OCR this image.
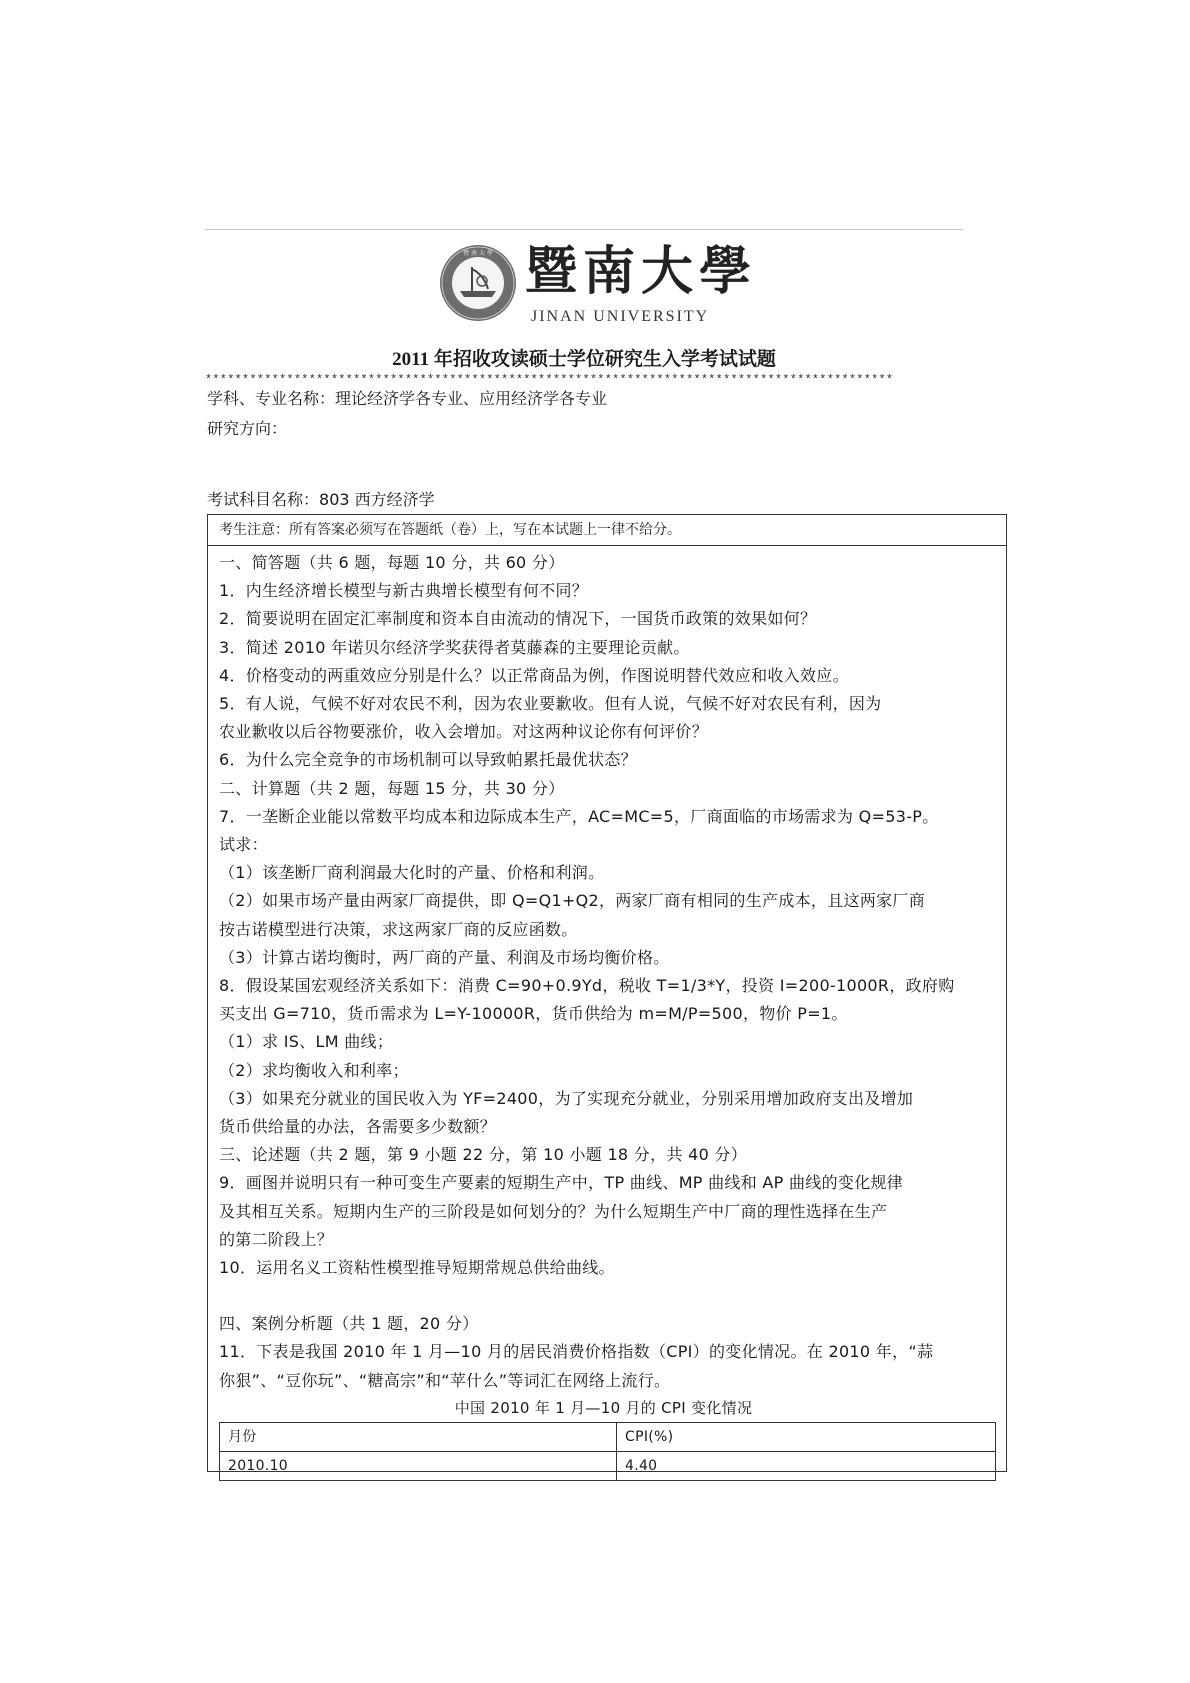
暨 南 大 學 暨南大學
JINAN UNIVERSITY
2011 年招收攻读硕士学位研究生入学考试试题
*********************************************************************************************
学科、专业名称：理论经济学各专业、应用经济学各专业
研究方向：
考试科目名称：803 西方经济学
考生注意：所有答案必须写在答题纸（卷）上，写在本试题上一律不给分。
一、简答题（共 6 题，每题 10 分，共 60 分）
1．内生经济增长模型与新古典增长模型有何不同？
2．简要说明在固定汇率制度和资本自由流动的情况下，一国货币政策的效果如何？
3．简述 2010 年诺贝尔经济学奖获得者莫藤森的主要理论贡献。
4．价格变动的两重效应分别是什么？以正常商品为例，作图说明替代效应和收入效应。
5．有人说，气候不好对农民不利，因为农业要歉收。但有人说，气候不好对农民有利，因为
农业歉收以后谷物要涨价，收入会增加。对这两种议论你有何评价？
6．为什么完全竞争的市场机制可以导致帕累托最优状态？
二、计算题（共 2 题，每题 15 分，共 30 分）
7．一垄断企业能以常数平均成本和边际成本生产，AC=MC=5，厂商面临的市场需求为 Q=53-P。
试求：
（1）该垄断厂商利润最大化时的产量、价格和利润。
（2）如果市场产量由两家厂商提供，即 Q=Q1+Q2，两家厂商有相同的生产成本，且这两家厂商
按古诺模型进行决策，求这两家厂商的反应函数。
（3）计算古诺均衡时，两厂商的产量、利润及市场均衡价格。
8．假设某国宏观经济关系如下：消费 C=90+0.9Yd，税收 T=1/3*Y，投资 I=200-1000R，政府购
买支出 G=710，货币需求为 L=Y-10000R，货币供给为 m=M/P=500，物价 P=1。
（1）求 IS、LM 曲线；
（2）求均衡收入和利率；
（3）如果充分就业的国民收入为 YF=2400，为了实现充分就业，分别采用增加政府支出及增加
货币供给量的办法，各需要多少数额？
三、论述题（共 2 题，第 9 小题 22 分，第 10 小题 18 分，共 40 分）
9．画图并说明只有一种可变生产要素的短期生产中，TP 曲线、MP 曲线和 AP 曲线的变化规律
及其相互关系。短期内生产的三阶段是如何划分的？为什么短期生产中厂商的理性选择在生产
的第二阶段上？
10．运用名义工资粘性模型推导短期常规总供给曲线。
四、案例分析题（共 1 题，20 分）
11．下表是我国 2010 年 1 月—10 月的居民消费价格指数（CPI）的变化情况。在 2010 年，“蒜
你狠”、“豆你玩”、“糖高宗”和“苹什么”等词汇在网络上流行。
中国 2010 年 1 月—10 月的 CPI 变化情况
月份	CPI(%)
2010.10	4.40
